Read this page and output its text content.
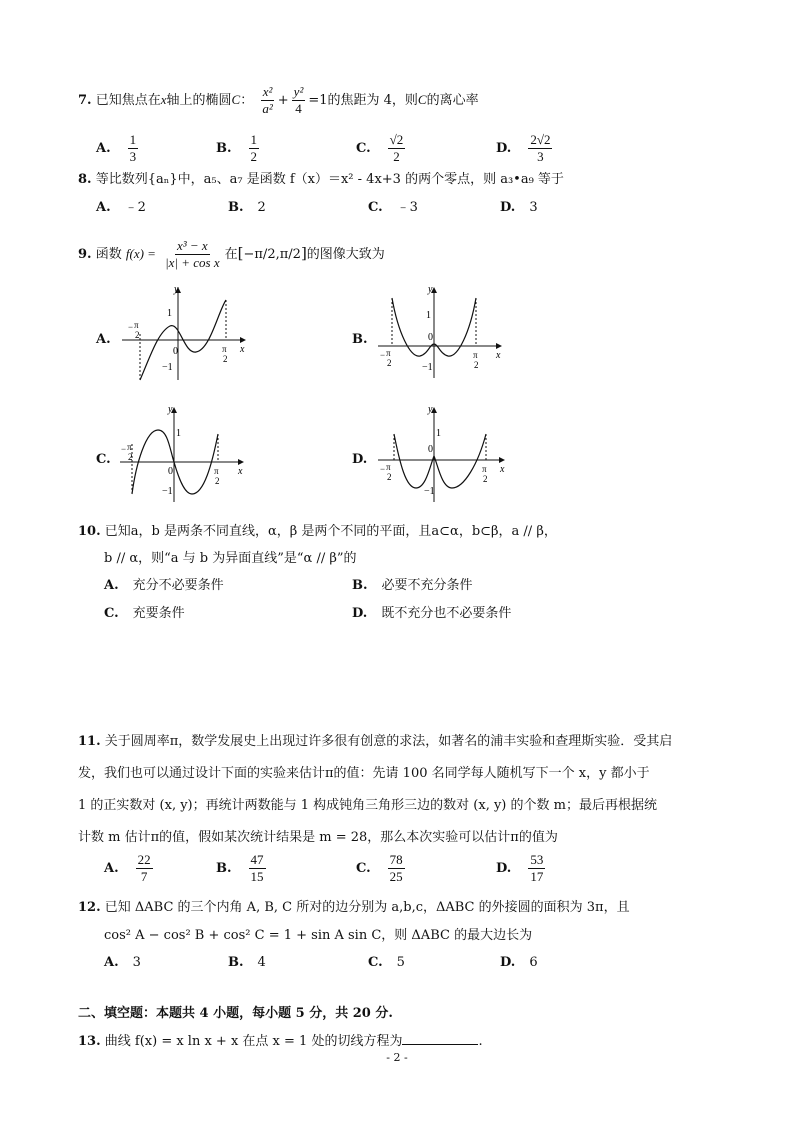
7. 已知焦点在x轴上的椭圆C： $\frac{\text{x²}}{\text{a²}} + \frac{\text{y²}}{4} =1$的焦距为 4，则C的离心率
A. $\frac{1}{3}$	B. $\frac{1}{2}$	C. $\frac{√2}{2}$	D. $\frac{2√2}{3}$
8. 等比数列{aₙ}中，a₅、a₇ 是函数 f（x）＝x² - 4x+3 的两个零点，则 a₃•a₉ 等于
A. ﹣2	B. 2	C. ﹣3	D. 3
9. 函数 $f(x) = \frac{\text{x³ − x}}{\text{|x| + cos x}}$ 在[−π/2,π/2]的图像大致为
A.	B.
C.	D.
y
x
1
0
−1
− π
2
π
2
y
x
1
0
−1
− π
2
π
2
y
x
1
0
−1
− π
2
π
2
y
x
1
0
−1
− π
2
π
2
10. 已知a，b 是两条不同直线，α，β 是两个不同的平面，且a⊂α，b⊂β，a // β，
b // α，则“a 与 b 为异面直线”是“α // β”的
A. 充分不必要条件	B. 必要不充分条件
C. 充要条件	D. 既不充分也不必要条件
11. 关于圆周率π，数学发展史上出现过许多很有创意的求法，如著名的浦丰实验和查理斯实验．受其启
发，我们也可以通过设计下面的实验来估计π的值：先请 100 名同学每人随机写下一个 x，y 都小于
1 的正实数对 (x, y)；再统计两数能与 1 构成钝角三角形三边的数对 (x, y) 的个数 m；最后再根据统
计数 m 估计π的值，假如某次统计结果是 m = 28，那么本次实验可以估计π的值为
A. $\frac{22}{7}$	B. $\frac{47}{15}$	C. $\frac{78}{25}$	D. $\frac{53}{17}$
12. 已知 ΔABC 的三个内角 A, B, C 所对的边分别为 a,b,c，ΔABC 的外接圆的面积为 3π，且
cos² A − cos² B + cos² C = 1 + sin A sin C，则 ΔABC 的最大边长为
A. 3	B. 4	C. 5	D. 6
二、填空题：本题共 4 小题，每小题 5 分，共 20 分.
13. 曲线 f(x) = x ln x + x 在点 x = 1 处的切线方程为	.
- 2 -
